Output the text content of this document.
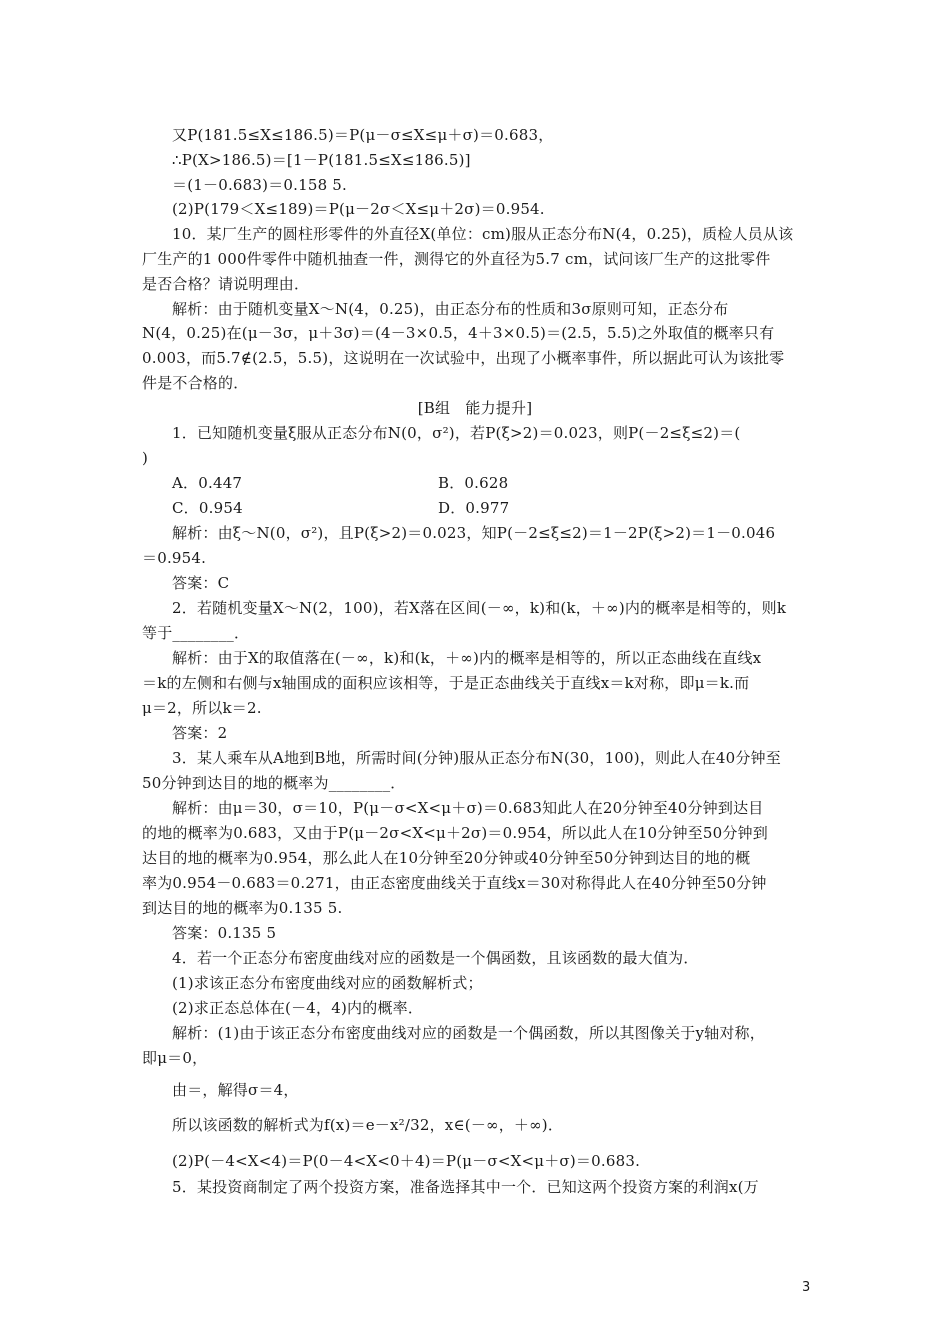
又P(181.5≤X≤186.5)＝P(μ－σ≤X≤μ＋σ)＝0.683，
∴P(X>186.5)＝[1－P(181.5≤X≤186.5)]
＝(1－0.683)＝0.158 5.
(2)P(179＜X≤189)＝P(μ－2σ＜X≤μ＋2σ)＝0.954.
10．某厂生产的圆柱形零件的外直径X(单位：cm)服从正态分布N(4，0.25)，质检人员从该
厂生产的1 000件零件中随机抽查一件，测得它的外直径为5.7 cm，试问该厂生产的这批零件
是否合格？请说明理由．
解析：由于随机变量X～N(4，0.25)，由正态分布的性质和3σ原则可知，正态分布
N(4，0.25)在(μ－3σ，μ＋3σ)＝(4－3×0.5，4＋3×0.5)＝(2.5，5.5)之外取值的概率只有
0.003，而5.7∉(2.5，5.5)，这说明在一次试验中，出现了小概率事件，所以据此可认为该批零
件是不合格的．
[B组　能力提升]
1．已知随机变量ξ服从正态分布N(0，σ²)，若P(ξ>2)＝0.023，则P(－2≤ξ≤2)＝(
)
A．0.447	B．0.628
C．0.954	D．0.977
解析：由ξ～N(0，σ²)，且P(ξ>2)＝0.023，知P(－2≤ξ≤2)＝1－2P(ξ>2)＝1－0.046
＝0.954.
答案：C
2．若随机变量X～N(2，100)，若X落在区间(－∞，k)和(k，＋∞)内的概率是相等的，则k
等于________．
解析：由于X的取值落在(－∞，k)和(k，＋∞)内的概率是相等的，所以正态曲线在直线x
＝k的左侧和右侧与x轴围成的面积应该相等，于是正态曲线关于直线x＝k对称，即μ＝k.而
μ＝2，所以k＝2.
答案：2
3．某人乘车从A地到B地，所需时间(分钟)服从正态分布N(30，100)，则此人在40分钟至
50分钟到达目的地的概率为________．
解析：由μ＝30，σ＝10，P(μ－σ<X<μ＋σ)＝0.683知此人在20分钟至40分钟到达目
的地的概率为0.683，又由于P(μ－2σ<X<μ＋2σ)＝0.954，所以此人在10分钟至50分钟到
达目的地的概率为0.954，那么此人在10分钟至20分钟或40分钟至50分钟到达目的地的概
率为0.954－0.683＝0.271，由正态密度曲线关于直线x＝30对称得此人在40分钟至50分钟
到达目的地的概率为0.135 5.
答案：0.135 5
4．若一个正态分布密度曲线对应的函数是一个偶函数，且该函数的最大值为．
(1)求该正态分布密度曲线对应的函数解析式；
(2)求正态总体在(－4，4)内的概率．
解析：(1)由于该正态分布密度曲线对应的函数是一个偶函数，所以其图像关于y轴对称，
即μ＝0，
由＝，解得σ＝4，
所以该函数的解析式为f(x)＝e－x²/32，x∈(－∞，＋∞)．
(2)P(－4<X<4)＝P(0－4<X<0＋4)＝P(μ－σ<X<μ＋σ)＝0.683.
5．某投资商制定了两个投资方案，准备选择其中一个．已知这两个投资方案的利润x(万
3
